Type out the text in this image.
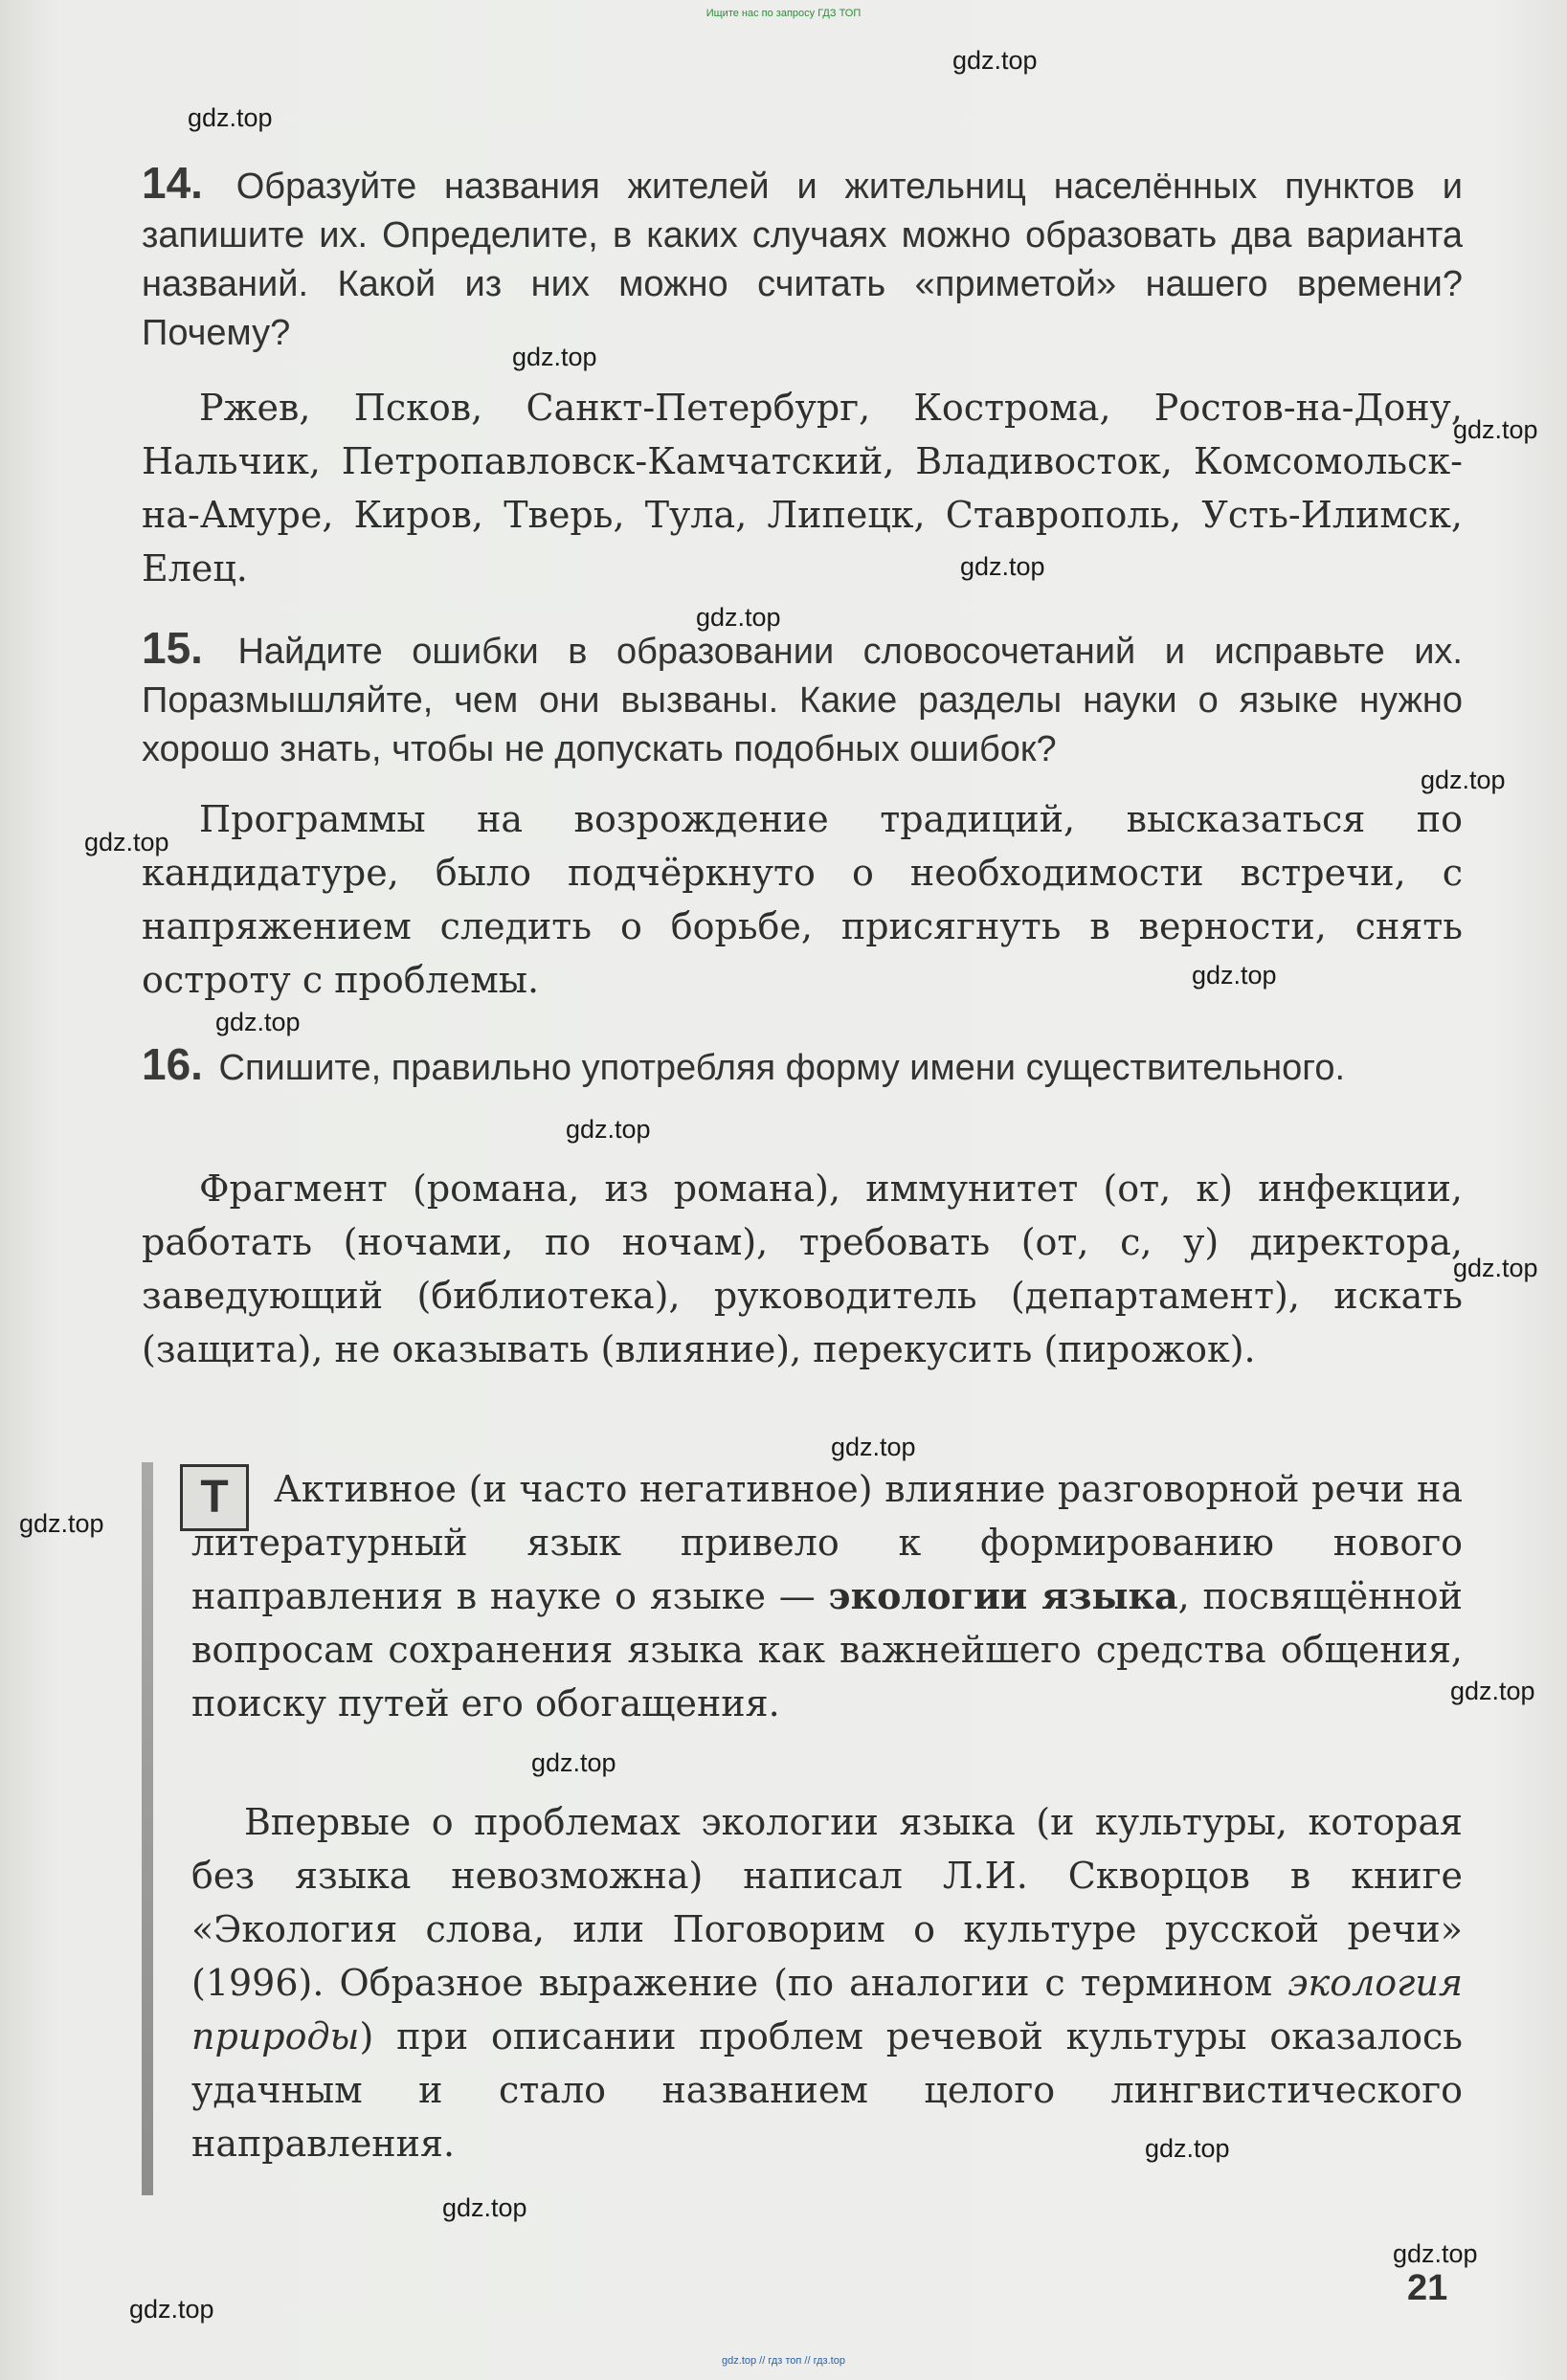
Ищите нас по запросу ГДЗ ТОП
gdz.top
gdz.top
gdz.top
gdz.top
gdz.top
gdz.top
gdz.top
gdz.top
gdz.top
gdz.top
gdz.top
gdz.top
gdz.top
gdz.top
gdz.top
gdz.top
gdz.top
gdz.top
gdz.top
gdz.top
14. Образуйте названия жителей и жительниц населённых пунктов и запишите их. Определите, в каких случаях можно образовать два варианта названий. Какой из них можно считать «приметой» нашего времени? Почему?

Ржев, Псков, Санкт-Петербург, Кострома, Ростов-на-Дону, Нальчик, Петропавловск-Камчатский, Владивосток, Комсомольск-на-Амуре, Киров, Тверь, Тула, Липецк, Ставрополь, Усть-Илимск, Елец.

15. Найдите ошибки в образовании словосочетаний и исправьте их. Поразмышляйте, чем они вызваны. Какие разделы науки о языке нужно хорошо знать, чтобы не допускать подобных ошибок?

Программы на возрождение традиций, высказаться по кандидатуре, было подчёркнуто о необходимости встречи, с напряжением следить о борьбе, присягнуть в верности, снять остроту с проблемы.

16. Спишите, правильно употребляя форму имени существительного.

Фрагмент (романа, из романа), иммунитет (от, к) инфекции, работать (ночами, по ночам), требовать (от, с, у) директора, заведующий (библиотека), руководитель (департамент), искать (защита), не оказывать (влияние), перекусить (пирожок).

Т	Активное (и часто негативное) влияние разговорной речи на литературный язык привело к формированию нового направления в науке о языке — экологии языка, посвящённой вопросам сохранения языка как важнейшего средства общения, поиску путей его обогащения.

Впервые о проблемах экологии языка (и культуры, которая без языка невозможна) написал Л.И. Скворцов в книге «Экология слова, или Поговорим о культуре русской речи» (1996). Образное выражение (по аналогии с термином экология природы) при описании проблем речевой культуры оказалось удачным и стало названием целого лингвистического направления.

21
gdz.top // гдз топ // гдз.top
